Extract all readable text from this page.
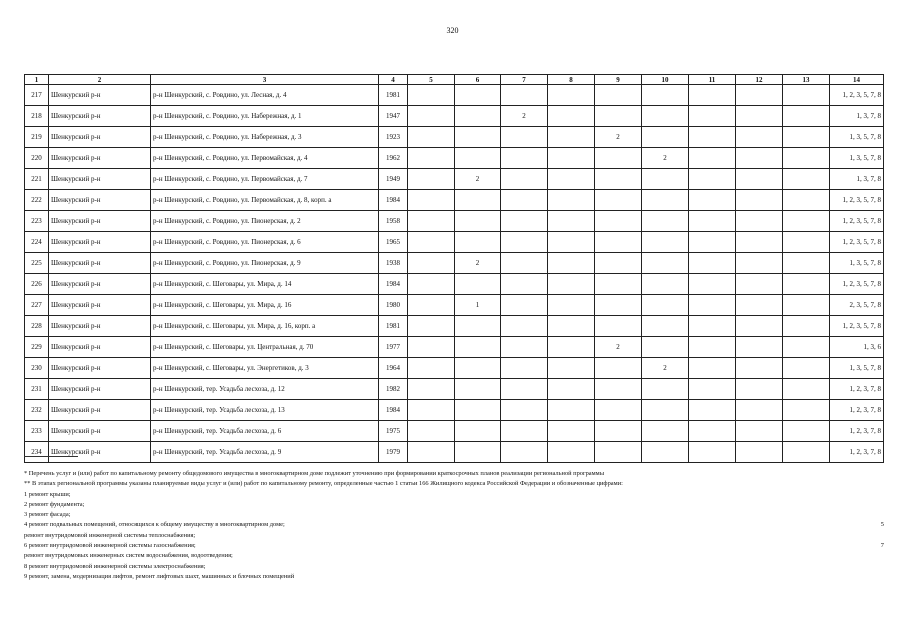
320
1	2	3	4	5	6	7	8	9	10	11	12	13	14
217	Шенкурский р-н	р-н Шенкурский, с. Ровдино, ул. Лесная, д. 4	1981										1, 2, 3, 5, 7, 8
218	Шенкурский р-н	р-н Шенкурский, с. Ровдино, ул. Набережная, д. 1	1947			2							1, 3, 7, 8
219	Шенкурский р-н	р-н Шенкурский, с. Ровдино, ул. Набережная, д. 3	1923					2					1, 3, 5, 7, 8
220	Шенкурский р-н	р-н Шенкурский, с. Ровдино, ул. Первомайская, д. 4	1962						2				1, 3, 5, 7, 8
221	Шенкурский р-н	р-н Шенкурский, с. Ровдино, ул. Первомайская, д. 7	1949		2								1, 3, 7, 8
222	Шенкурский р-н	р-н Шенкурский, с. Ровдино, ул. Первомайская, д. 8, корп. а	1984										1, 2, 3, 5, 7, 8
223	Шенкурский р-н	р-н Шенкурский, с. Ровдино, ул. Пионерская, д. 2	1958										1, 2, 3, 5, 7, 8
224	Шенкурский р-н	р-н Шенкурский, с. Ровдино, ул. Пионерская, д. 6	1965										1, 2, 3, 5, 7, 8
225	Шенкурский р-н	р-н Шенкурский, с. Ровдино, ул. Пионерская, д. 9	1938		2								1, 3, 5, 7, 8
226	Шенкурский р-н	р-н Шенкурский, с. Шеговары, ул. Мира, д. 14	1984										1, 2, 3, 5, 7, 8
227	Шенкурский р-н	р-н Шенкурский, с. Шеговары, ул. Мира, д. 16	1980		1								2, 3, 5, 7, 8
228	Шенкурский р-н	р-н Шенкурский, с. Шеговары, ул. Мира, д. 16, корп. а	1981										1, 2, 3, 5, 7, 8
229	Шенкурский р-н	р-н Шенкурский, с. Шеговары, ул. Центральная, д. 70	1977					2					1, 3, 6
230	Шенкурский р-н	р-н Шенкурский, с. Шеговары, ул. Энергетиков, д. 3	1964						2				1, 3, 5, 7, 8
231	Шенкурский р-н	р-н Шенкурский, тер. Усадьба лесхоза, д. 12	1982										1, 2, 3, 7, 8
232	Шенкурский р-н	р-н Шенкурский, тер. Усадьба лесхоза, д. 13	1984										1, 2, 3, 7, 8
233	Шенкурский р-н	р-н Шенкурский, тер. Усадьба лесхоза, д. 6	1975										1, 2, 3, 7, 8
234	Шенкурский р-н	р-н Шенкурский, тер. Усадьба лесхоза, д. 9	1979										1, 2, 3, 7, 8
* Перечень услуг и (или) работ по капитальному ремонту общедомового имущества в многоквартирном доме подлежит уточнению при формировании краткосрочных планов реализации региональной программы
** В этапах региональной программы указаны планируемые виды услуг и (или) работ по капитальному ремонту, определенные частью 1 статьи 166 Жилищного кодекса Российской Федерации и обозначенные цифрами:
1 ремонт крыши;
2 ремонт фундамента;
3 ремонт фасада;
4 ремонт подвальных помещений, относящихся к общему имуществу в многоквартирном доме;	5
ремонт внутридомовой инженерной системы теплоснабжения;
6 ремонт внутридомовой инженерной системы газоснабжения;	7
ремонт внутридомовых инженерных систем водоснабжения, водоотведения;
8 ремонт внутридомовой инженерной системы электроснабжения;
9 ремонт, замена, модернизация лифтов, ремонт лифтовых шахт, машинных и блочных помещений
